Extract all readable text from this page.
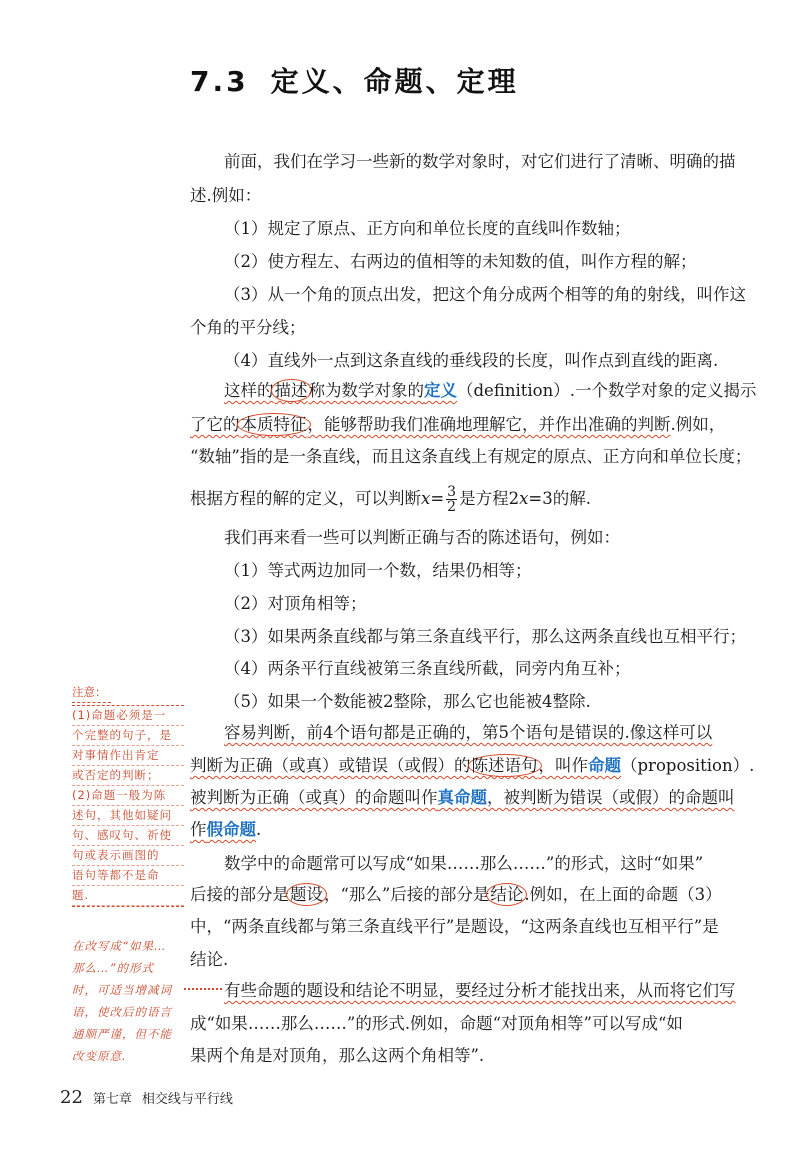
7.3 定义、命题、定理
前面，我们在学习一些新的数学对象时，对它们进行了清晰、明确的描
述.例如：
（1）规定了原点、正方向和单位长度的直线叫作数轴；
（2）使方程左、右两边的值相等的未知数的值，叫作方程的解；
（3）从一个角的顶点出发，把这个角分成两个相等的角的射线，叫作这
个角的平分线；
（4）直线外一点到这条直线的垂线段的长度，叫作点到直线的距离.
这样的描述称为数学对象的定义（definition）.一个数学对象的定义揭示
了它的本质特征，能够帮助我们准确地理解它，并作出准确的判断.例如，
“数轴”指的是一条直线，而且这条直线上有规定的原点、正方向和单位长度；
根据方程的解的定义，可以判断$x= \frac{3}{2}$ 是方程2x=3的解.
我们再来看一些可以判断正确与否的陈述语句，例如：
（1）等式两边加同一个数，结果仍相等；
（2）对顶角相等；
（3）如果两条直线都与第三条直线平行，那么这两条直线也互相平行；
（4）两条平行直线被第三条直线所截，同旁内角互补；
（5）如果一个数能被2整除，那么它也能被4整除.
容易判断，前4个语句都是正确的，第5个语句是错误的.像这样可以
判断为正确（或真）或错误（或假）的陈述语句，叫作命题（proposition）.
被判断为正确（或真）的命题叫作真命题，被判断为错误（或假）的命题叫
作假命题.
数学中的命题常可以写成“如果……那么……”的形式，这时“如果”
后接的部分是题设，“那么”后接的部分是结论.例如，在上面的命题（3）
中，“两条直线都与第三条直线平行”是题设，“这两条直线也互相平行”是
结论.
有些命题的题设和结论不明显，要经过分析才能找出来，从而将它们写
成“如果……那么……”的形式.例如，命题“对顶角相等”可以写成“如
果两个角是对顶角，那么这两个角相等”.
注意：
(1)命题必须是一
个完整的句子，是
对事情作出肯定
或否定的判断；
(2)命题一般为陈
述句，其他如疑问
句、感叹句、祈使
句或表示画图的
语句等都不是命
题.
在改写成“如果…
那么…”的形式
时，可适当增减词
语，使改后的语言
通顺严谨，但不能
改变原意.
22 第七章 相交线与平行线
